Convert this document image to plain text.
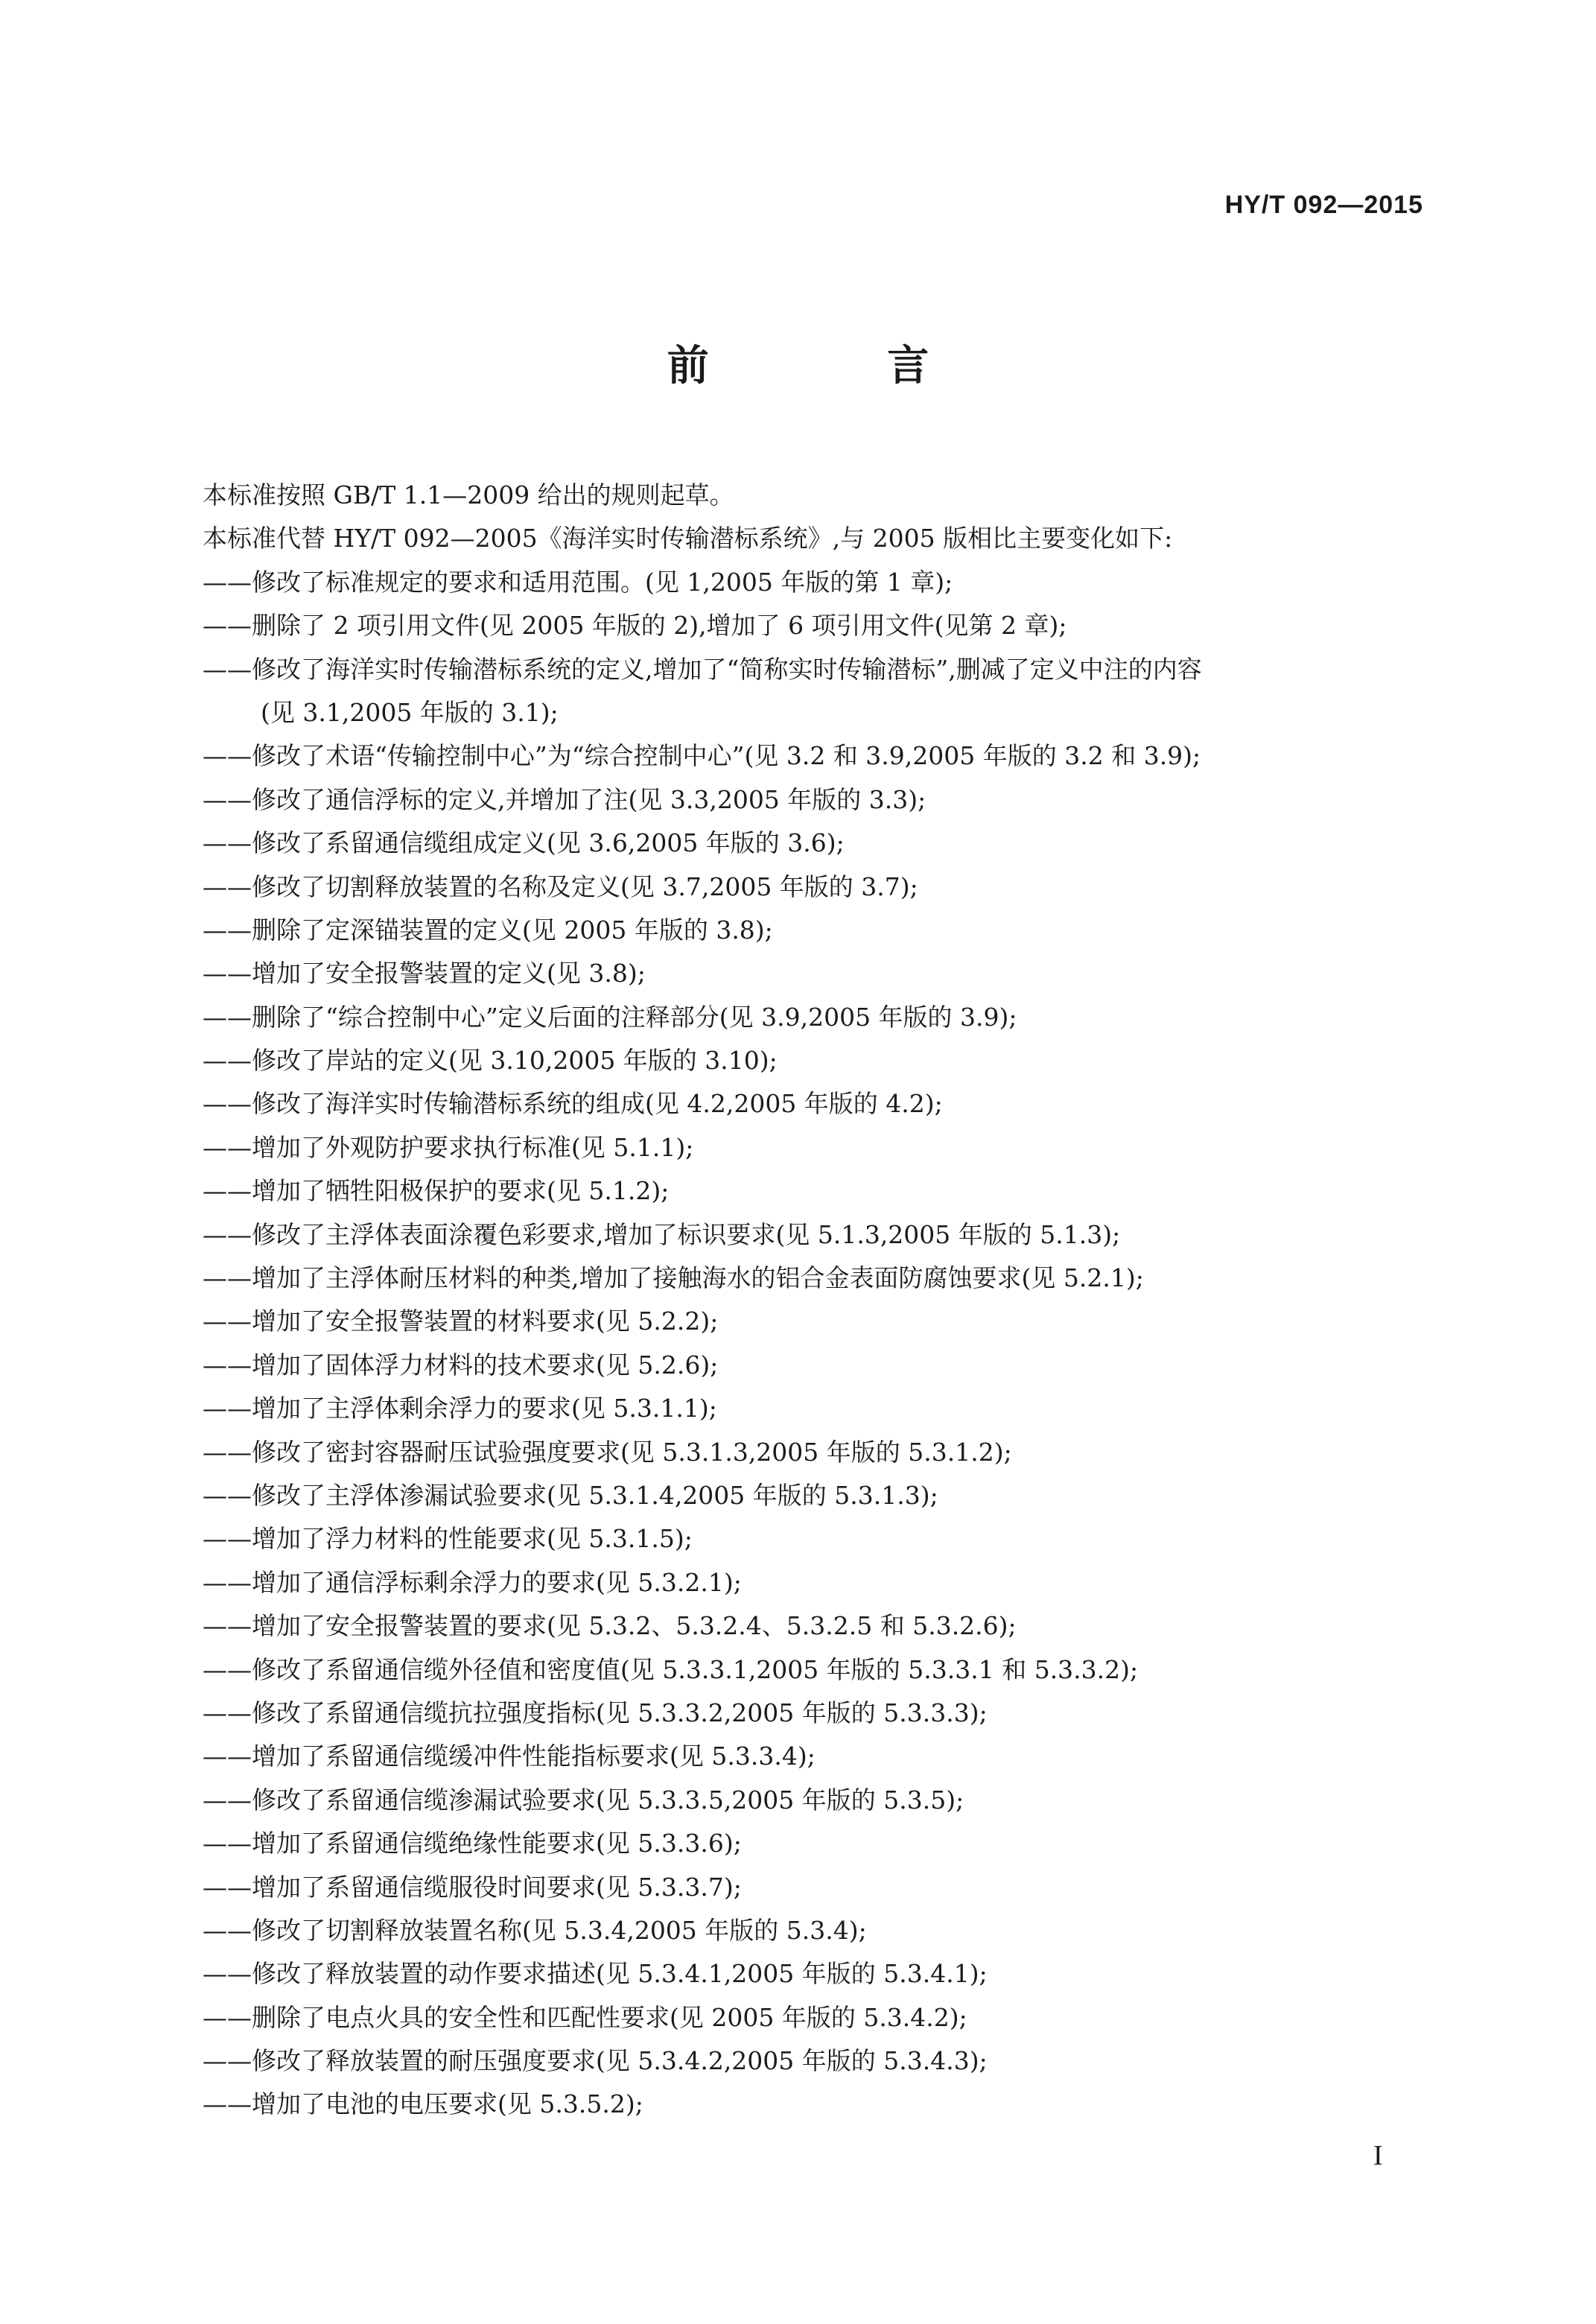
HY/T 092—2015
前 言
本标准按照 GB/T 1.1—2009 给出的规则起草。
本标准代替 HY/T 092—2005《海洋实时传输潜标系统》,与 2005 版相比主要变化如下:
——修改了标准规定的要求和适用范围。(见 1,2005 年版的第 1 章);
——删除了 2 项引用文件(见 2005 年版的 2),增加了 6 项引用文件(见第 2 章);
——修改了海洋实时传输潜标系统的定义,增加了“简称实时传输潜标”,删减了定义中注的内容
(见 3.1,2005 年版的 3.1);
——修改了术语“传输控制中心”为“综合控制中心”(见 3.2 和 3.9,2005 年版的 3.2 和 3.9);
——修改了通信浮标的定义,并增加了注(见 3.3,2005 年版的 3.3);
——修改了系留通信缆组成定义(见 3.6,2005 年版的 3.6);
——修改了切割释放装置的名称及定义(见 3.7,2005 年版的 3.7);
——删除了定深锚装置的定义(见 2005 年版的 3.8);
——增加了安全报警装置的定义(见 3.8);
——删除了“综合控制中心”定义后面的注释部分(见 3.9,2005 年版的 3.9);
——修改了岸站的定义(见 3.10,2005 年版的 3.10);
——修改了海洋实时传输潜标系统的组成(见 4.2,2005 年版的 4.2);
——增加了外观防护要求执行标准(见 5.1.1);
——增加了牺牲阳极保护的要求(见 5.1.2);
——修改了主浮体表面涂覆色彩要求,增加了标识要求(见 5.1.3,2005 年版的 5.1.3);
——增加了主浮体耐压材料的种类,增加了接触海水的铝合金表面防腐蚀要求(见 5.2.1);
——增加了安全报警装置的材料要求(见 5.2.2);
——增加了固体浮力材料的技术要求(见 5.2.6);
——增加了主浮体剩余浮力的要求(见 5.3.1.1);
——修改了密封容器耐压试验强度要求(见 5.3.1.3,2005 年版的 5.3.1.2);
——修改了主浮体渗漏试验要求(见 5.3.1.4,2005 年版的 5.3.1.3);
——增加了浮力材料的性能要求(见 5.3.1.5);
——增加了通信浮标剩余浮力的要求(见 5.3.2.1);
——增加了安全报警装置的要求(见 5.3.2、5.3.2.4、5.3.2.5 和 5.3.2.6);
——修改了系留通信缆外径值和密度值(见 5.3.3.1,2005 年版的 5.3.3.1 和 5.3.3.2);
——修改了系留通信缆抗拉强度指标(见 5.3.3.2,2005 年版的 5.3.3.3);
——增加了系留通信缆缓冲件性能指标要求(见 5.3.3.4);
——修改了系留通信缆渗漏试验要求(见 5.3.3.5,2005 年版的 5.3.5);
——增加了系留通信缆绝缘性能要求(见 5.3.3.6);
——增加了系留通信缆服役时间要求(见 5.3.3.7);
——修改了切割释放装置名称(见 5.3.4,2005 年版的 5.3.4);
——修改了释放装置的动作要求描述(见 5.3.4.1,2005 年版的 5.3.4.1);
——删除了电点火具的安全性和匹配性要求(见 2005 年版的 5.3.4.2);
——修改了释放装置的耐压强度要求(见 5.3.4.2,2005 年版的 5.3.4.3);
——增加了电池的电压要求(见 5.3.5.2);
I
